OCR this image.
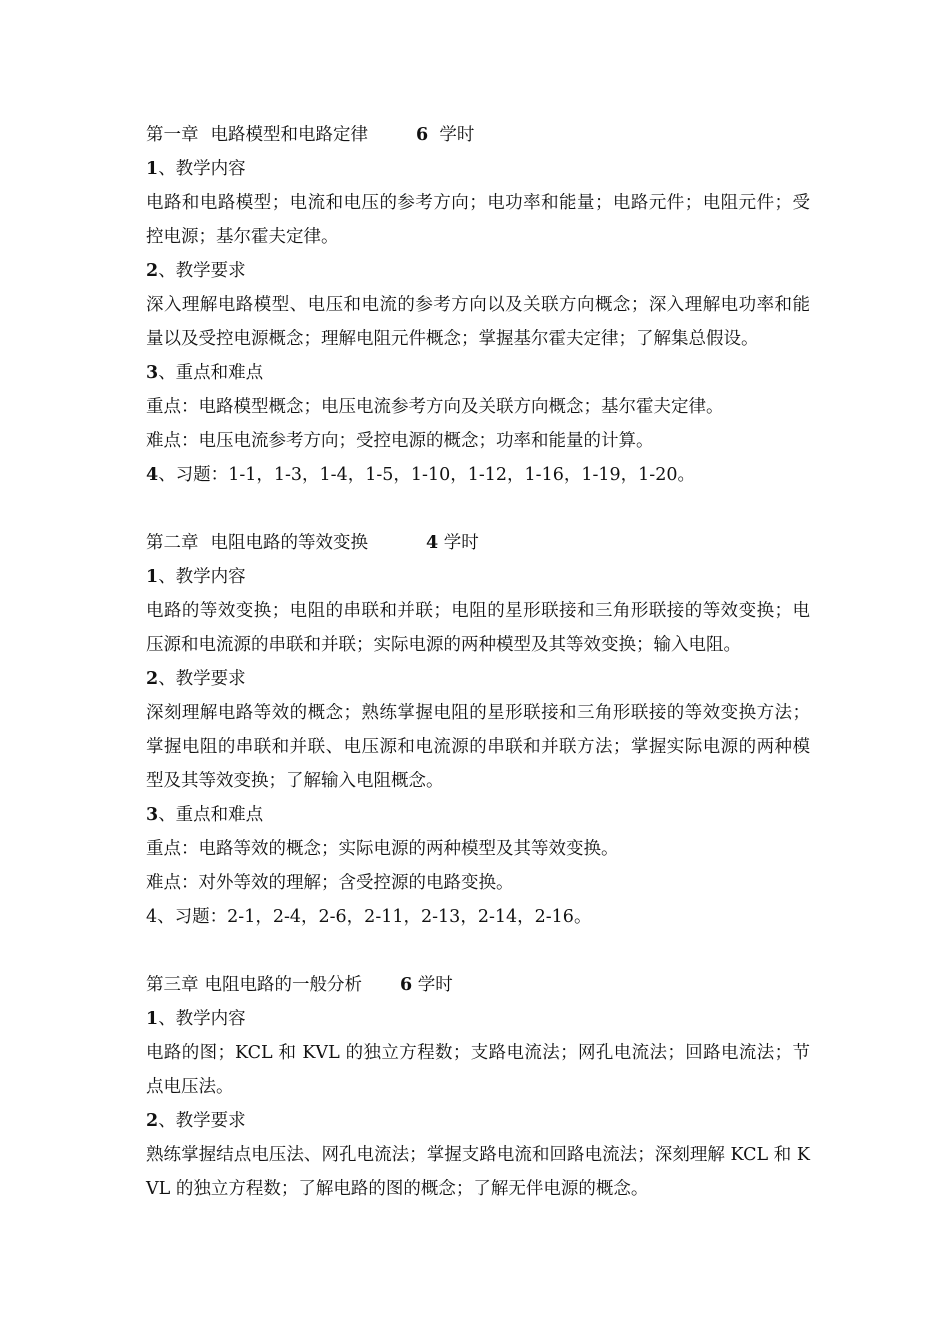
第一章 电路模型和电路定律	6 学时
1、教学内容
电路和电路模型；电流和电压的参考方向；电功率和能量；电路元件；电阻元件；受控电源；基尔霍夫定律。
2、教学要求
深入理解电路模型、电压和电流的参考方向以及关联方向概念；深入理解电功率和能量以及受控电源概念；理解电阻元件概念；掌握基尔霍夫定律；了解集总假设。
3、重点和难点
重点：电路模型概念；电压电流参考方向及关联方向概念；基尔霍夫定律。
难点：电压电流参考方向；受控电源的概念；功率和能量的计算。
4、习题：1-1，1-3，1-4，1-5，1-10，1-12，1-16，1-19，1-20。
第二章 电阻电路的等效变换	4 学时
1、教学内容
电路的等效变换；电阻的串联和并联；电阻的星形联接和三角形联接的等效变换；电压源和电流源的串联和并联；实际电源的两种模型及其等效变换；输入电阻。
2、教学要求
深刻理解电路等效的概念；熟练掌握电阻的星形联接和三角形联接的等效变换方法；掌握电阻的串联和并联、电压源和电流源的串联和并联方法；掌握实际电源的两种模型及其等效变换；了解输入电阻概念。
3、重点和难点
重点：电路等效的概念；实际电源的两种模型及其等效变换。
难点：对外等效的理解；含受控源的电路变换。
4、习题：2-1，2-4，2-6，2-11，2-13，2-14，2-16。
第三章 电阻电路的一般分析 6 学时
1、教学内容
电路的图；KCL 和 KVL 的独立方程数；支路电流法；网孔电流法；回路电流法；节点电压法。
2、教学要求
熟练掌握结点电压法、网孔电流法；掌握支路电流和回路电流法；深刻理解 KCL 和 KVL 的独立方程数；了解电路的图的概念；了解无伴电源的概念。
